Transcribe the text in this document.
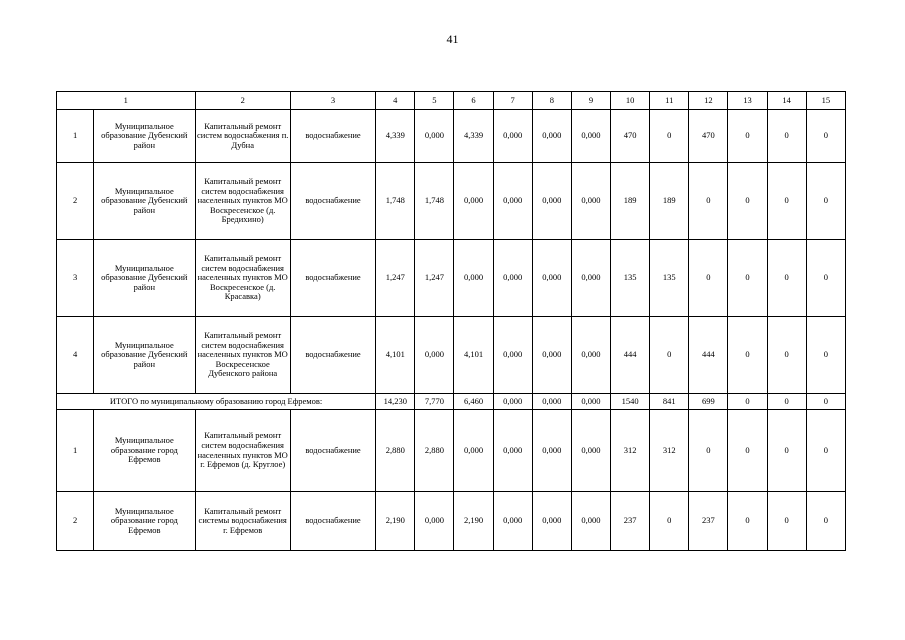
41
1		2	3	4	5	6	7	8	9	10	11	12	13	14	15
1	Муниципальное образование Дубенский район	Капитальный ремонт систем водоснабжения п. Дубна	водоснабжение	4,339	0,000	4,339	0,000	0,000	0,000	470	0	470	0	0	0
2	Муниципальное образование Дубенский район	Капитальный ремонт систем водоснабжения населенных пунктов МО Воскресенское (д. Бредихино)	водоснабжение	1,748	1,748	0,000	0,000	0,000	0,000	189	189	0	0	0	0
3	Муниципальное образование Дубенский район	Капитальный ремонт систем водоснабжения населенных пунктов МО Воскресенское (д. Красавка)	водоснабжение	1,247	1,247	0,000	0,000	0,000	0,000	135	135	0	0	0	0
4	Муниципальное образование Дубенский район	Капитальный ремонт систем водоснабжения населенных пунктов МО Воскресенское Дубенского района	водоснабжение	4,101	0,000	4,101	0,000	0,000	0,000	444	0	444	0	0	0
ИТОГО по муниципальному образованию город Ефремов:				14,230	7,770	6,460	0,000	0,000	0,000	1540	841	699	0	0	0
1	Муниципальное образование город Ефремов	Капитальный ремонт систем водоснабжения населенных пунктов МО г. Ефремов (д. Круглое)	водоснабжение	2,880	2,880	0,000	0,000	0,000	0,000	312	312	0	0	0	0
2	Муниципальное образование город Ефремов	Капитальный ремонт системы водоснабжения г. Ефремов	водоснабжение	2,190	0,000	2,190	0,000	0,000	0,000	237	0	237	0	0	0
